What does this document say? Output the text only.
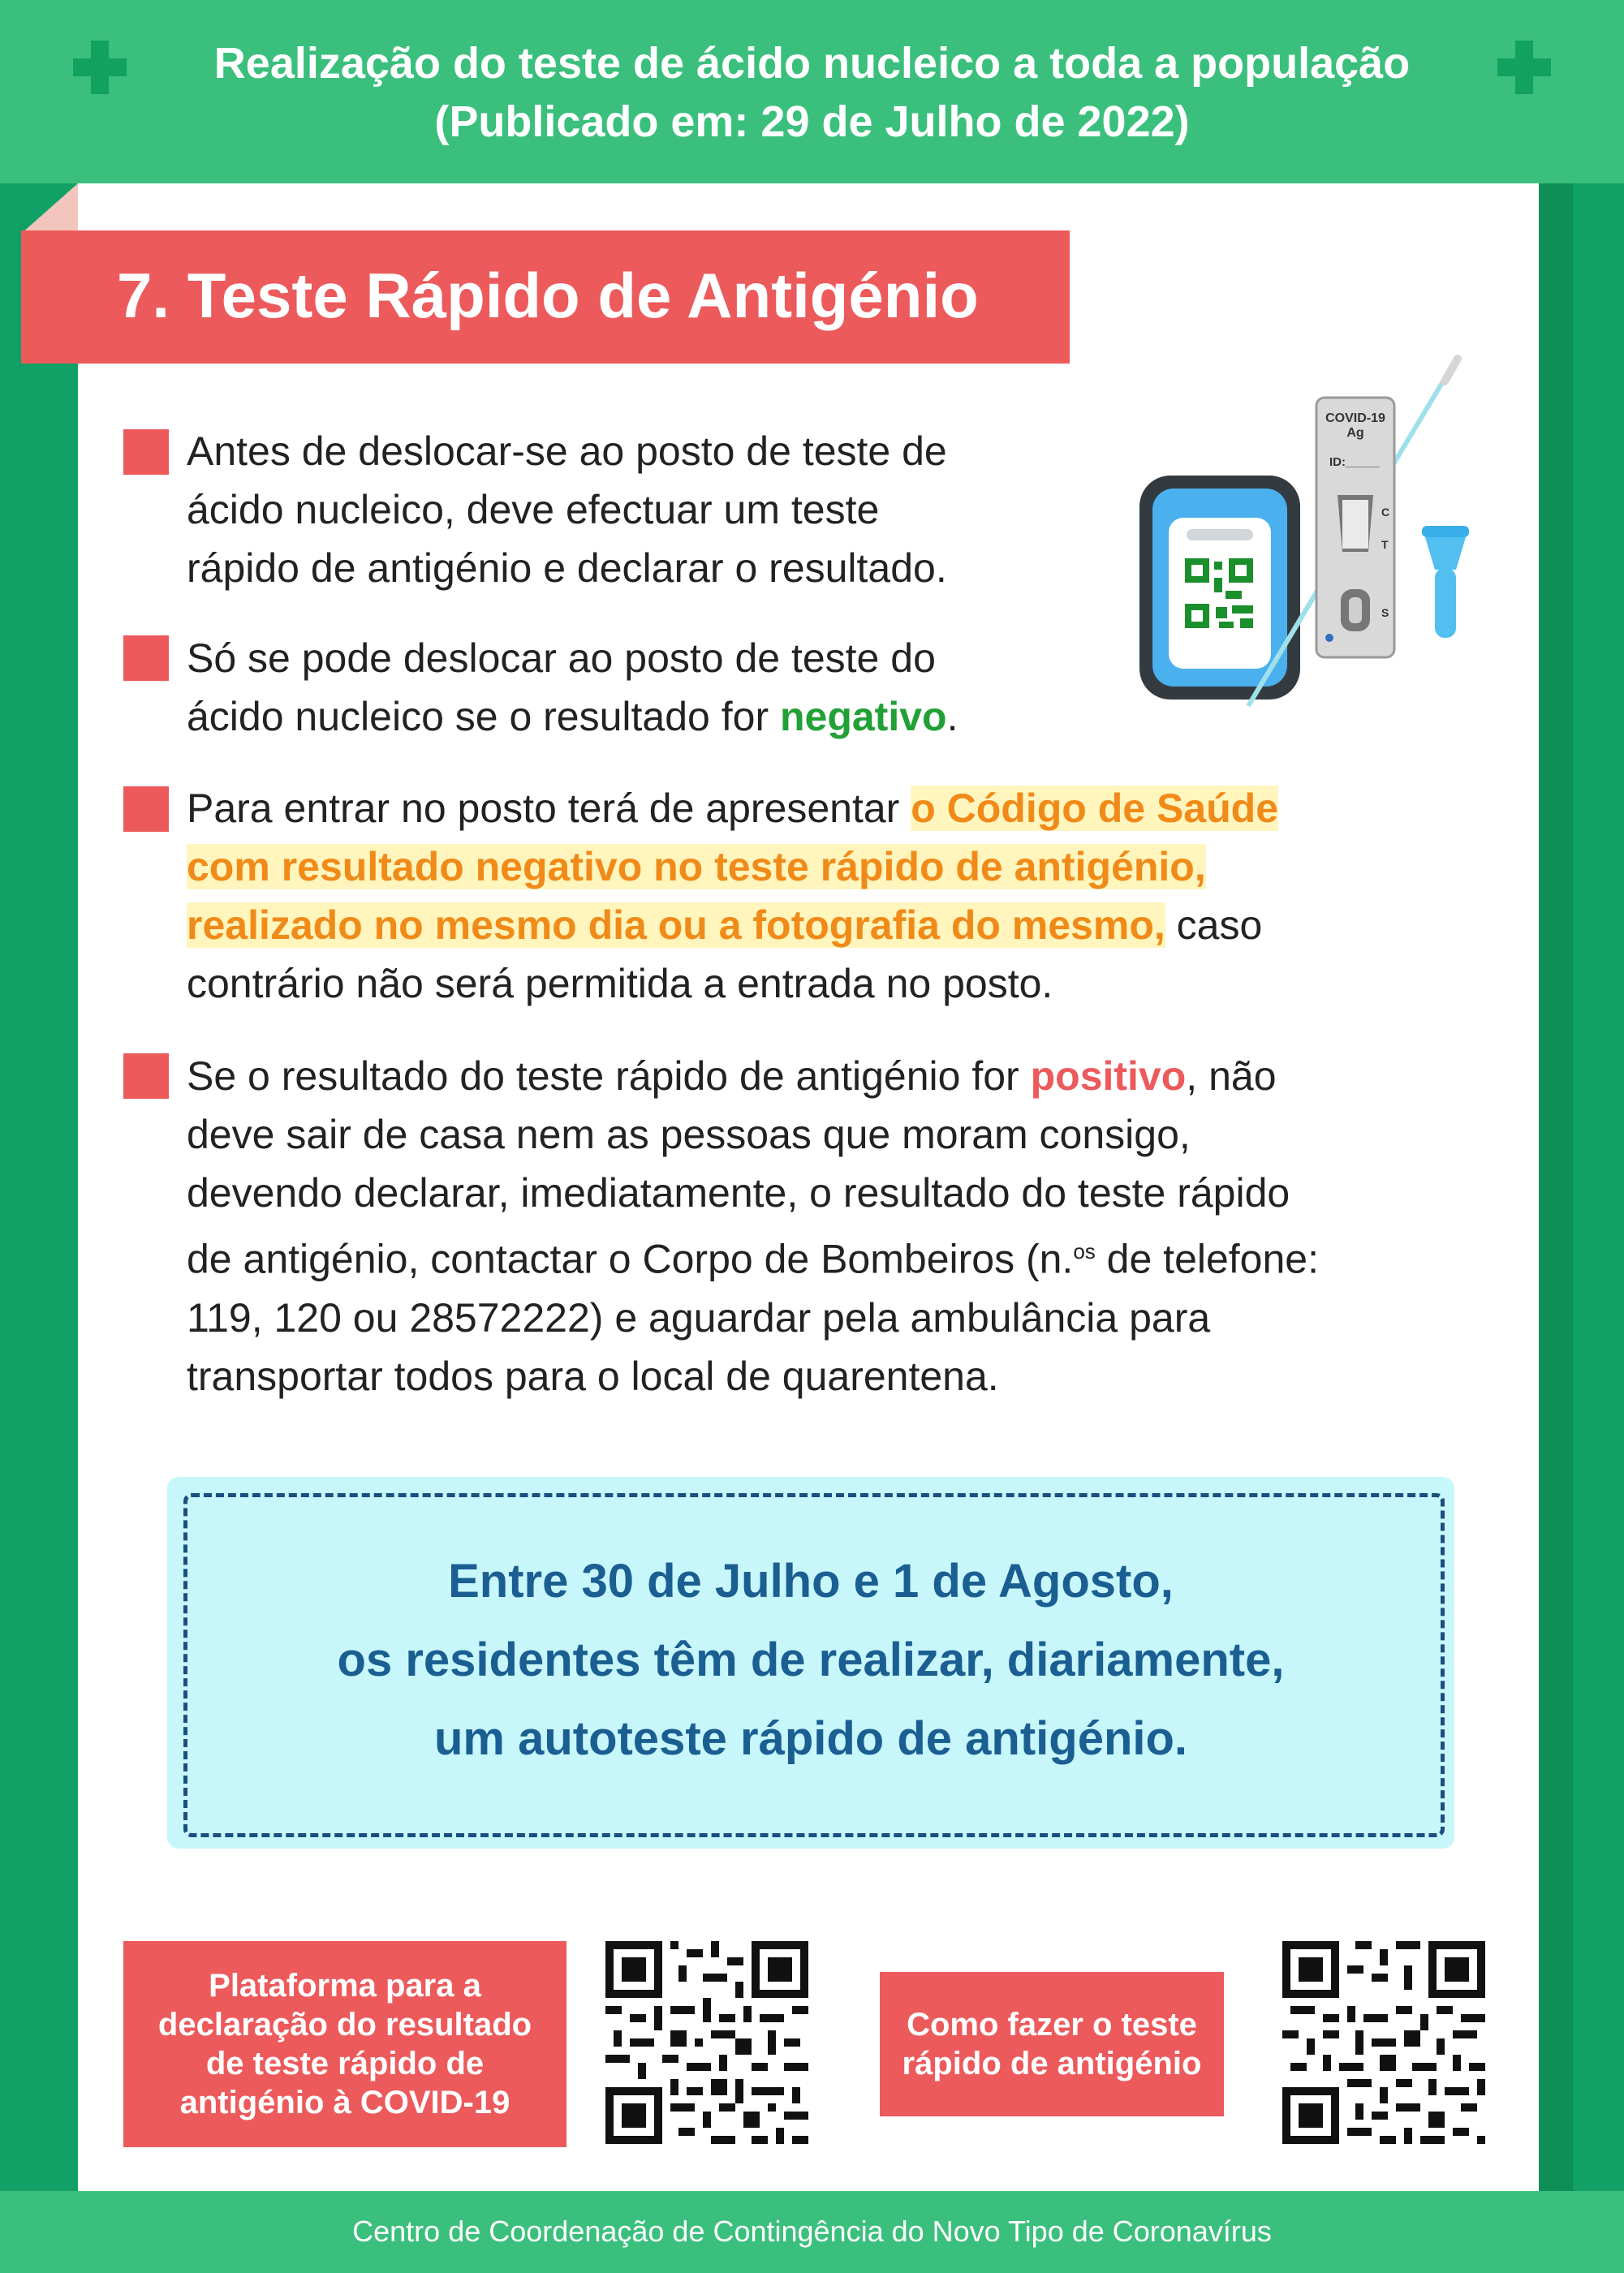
Realização do teste de ácido nucleico a toda a população
(Publicado em: 29 de Julho de 2022)
7. Teste Rápido de Antigénio
COVID-19
Ag
ID:_____
C
T
S
Antes de deslocar-se ao posto de teste de
ácido nucleico, deve efectuar um teste
rápido de antigénio e declarar o resultado.
Só se pode deslocar ao posto de teste do
ácido nucleico se o resultado for negativo.
Para entrar no posto terá de apresentar o Código de Saúde
com resultado negativo no teste rápido de antigénio,
realizado no mesmo dia ou a fotografia do mesmo, caso
contrário não será permitida a entrada no posto.
Se o resultado do teste rápido de antigénio for positivo, não
deve sair de casa nem as pessoas que moram consigo,
devendo declarar, imediatamente, o resultado do teste rápido
de antigénio, contactar o Corpo de Bombeiros (n.$^{os}$ de telefone:
119, 120 ou 28572222) e aguardar pela ambulância para
transportar todos para o local de quarentena.
Entre 30 de Julho e 1 de Agosto,
os residentes têm de realizar, diariamente,
um autoteste rápido de antigénio.
Plataforma para a
declaração do resultado
de teste rápido de
antigénio à COVID-19
Como fazer o teste
rápido de antigénio
Centro de Coordenação de Contingência do Novo Tipo de Coronavírus
